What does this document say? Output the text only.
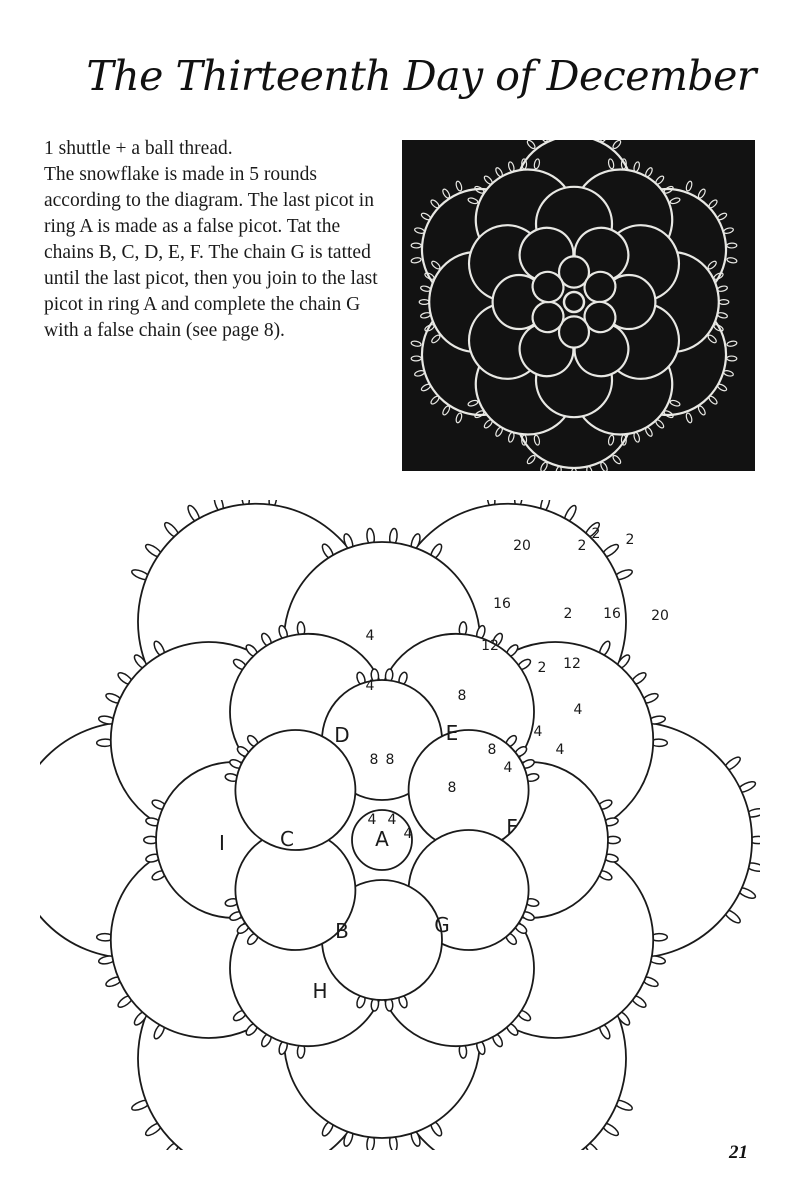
The Thirteenth Day of December

1 shuttle + a ball thread.

The snowflake is made in 5 rounds according to the diagram. The last picot in ring A is made as a false picot. Tat the chains B, C, D, E, F. The chain G is tatted until the last picot, then you join to the last picot in ring A and complete the chain G with a false chain (see page 8).

A
B
C
D	E
F
G
H
I
4 4
4
8 8
8
8
8
4
4
4
4
4
4
12
12
16
16
20
20
2
2
2
2 2
21
